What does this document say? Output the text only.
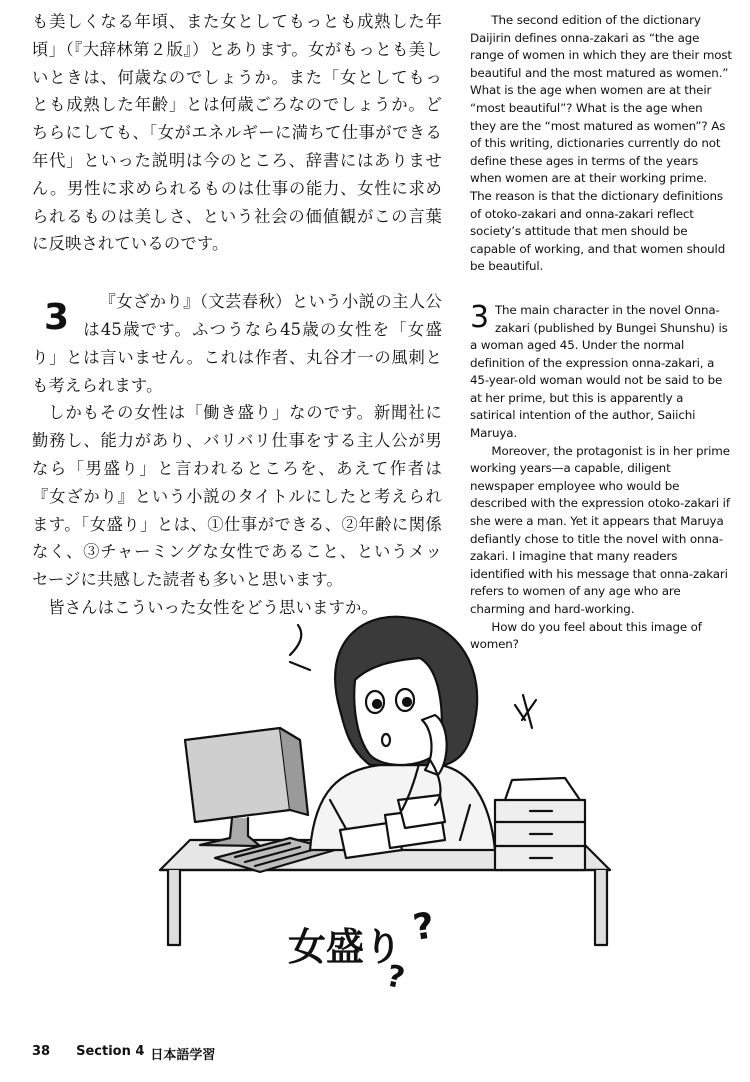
も美しくなる年頃、また女としてもっとも成熟した年頃」（『大辞林第２版』）とあります。女がもっとも美しいときは、何歳なのでしょうか。また「女としてもっとも成熟した年齢」とは何歳ごろなのでしょうか。どちらにしても、「女がエネルギーに満ちて仕事ができる年代」といった説明は今のところ、辞書にはありません。男性に求められるものは仕事の能力、女性に求められるものは美しさ、という社会の価値観がこの言葉に反映されているのです。

3	『女ざかり』（文芸春秋）という小説の主人公は45歳です。ふつうなら45歳の女性を「女盛り」とは言いません。これは作者、丸谷才一の風刺とも考えられます。

しかもその女性は「働き盛り」なのです。新聞社に勤務し、能力があり、バリバリ仕事をする主人公が男なら「男盛り」と言われるところを、あえて作者は『女ざかり』という小説のタイトルにしたと考えられます。「女盛り」とは、①仕事ができる、②年齢に関係なく、③チャーミングな女性であること、というメッセージに共感した読者も多いと思います。

皆さんはこういった女性をどう思いますか。

The second edition of the dictionary Daijirin defines onna-zakari as “the age range of women in which they are their most beautiful and the most matured as women.” What is the age when women are at their “most beautiful”? What is the age when they are the “most matured as women”? As of this writing, dictionaries currently do not define these ages in terms of the years when women are at their working prime. The reason is that the dictionary definitions of otoko-zakari and onna-zakari reflect society’s attitude that men should be capable of working, and that women should be beautiful.

3 The main character in the novel Onna-zakari (published by Bungei Shunshu) is a woman aged 45. Under the normal definition of the expression onna-zakari, a 45-year-old woman would not be said to be at her prime, but this is apparently a satirical intention of the author, Saiichi Maruya.

Moreover, the protagonist is in her prime working years—a capable, diligent newspaper employee who would be described with the expression otoko-zakari if she were a man. Yet it appears that Maruya defiantly chose to title the novel with onna-zakari. I imagine that many readers identified with his message that onna-zakari refers to women of any age who are charming and hard-working.

How do you feel about this image of women?

女盛り ?
?
38 Section 4 日本語学習
